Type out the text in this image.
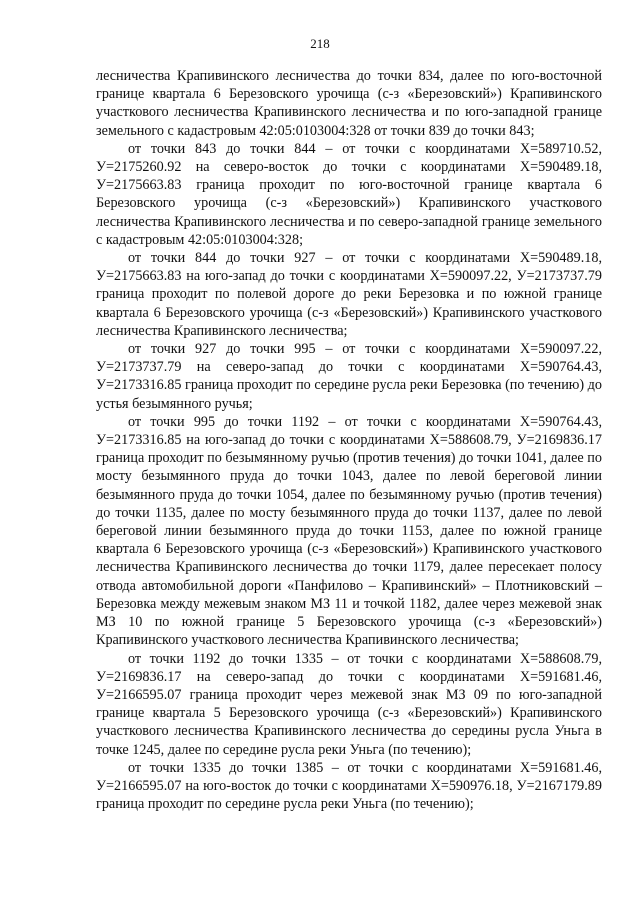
218

лесничества Крапивинского лесничества до точки 834, далее по юго-восточной границе квартала 6 Березовского урочища (с-з «Березовский») Крапивинского участкового лесничества Крапивинского лесничества и по юго-западной границе земельного с кадастровым 42:05:0103004:328 от точки 839 до точки 843;

от точки 843 до точки 844 – от точки с координатами Х=589710.52, У=2175260.92 на северо-восток до точки с координатами Х=590489.18, У=2175663.83 граница проходит по юго-восточной границе квартала 6 Березовского урочища (с-з «Березовский») Крапивинского участкового лесничества Крапивинского лесничества и по северо-западной границе земельного с кадастровым 42:05:0103004:328;

от точки 844 до точки 927 – от точки с координатами Х=590489.18, У=2175663.83 на юго-запад до точки с координатами Х=590097.22, У=2173737.79 граница проходит по полевой дороге до реки Березовка и по южной границе квартала 6 Березовского урочища (с-з «Березовский») Крапивинского участкового лесничества Крапивинского лесничества;

от точки 927 до точки 995 – от точки с координатами Х=590097.22, У=2173737.79 на северо-запад до точки с координатами Х=590764.43, У=2173316.85 граница проходит по середине русла реки Березовка (по течению) до устья безымянного ручья;

от точки 995 до точки 1192 – от точки с координатами Х=590764.43, У=2173316.85 на юго-запад до точки с координатами Х=588608.79, У=2169836.17 граница проходит по безымянному ручью (против течения) до точки 1041, далее по мосту безымянного пруда до точки 1043, далее по левой береговой линии безымянного пруда до точки 1054, далее по безымянному ручью (против течения) до точки 1135, далее по мосту безымянного пруда до точки 1137, далее по левой береговой линии безымянного пруда до точки 1153, далее по южной границе квартала 6 Березовского урочища (с-з «Березовский») Крапивинского участкового лесничества Крапивинского лесничества до точки 1179, далее пересекает полосу отвода автомобильной дороги «Панфилово – Крапивинский» – Плотниковский – Березовка между межевым знаком МЗ 11 и точкой 1182, далее через межевой знак МЗ 10 по южной границе 5 Березовского урочища (с-з «Березовский») Крапивинского участкового лесничества Крапивинского лесничества;

от точки 1192 до точки 1335 – от точки с координатами Х=588608.79, У=2169836.17 на северо-запад до точки с координатами Х=591681.46, У=2166595.07 граница проходит через межевой знак МЗ 09 по юго-западной границе квартала 5 Березовского урочища (с-з «Березовский») Крапивинского участкового лесничества Крапивинского лесничества до середины русла Уньга в точке 1245, далее по середине русла реки Уньга (по течению);

от точки 1335 до точки 1385 – от точки с координатами Х=591681.46, У=2166595.07 на юго-восток до точки с координатами Х=590976.18, У=2167179.89 граница проходит по середине русла реки Уньга (по течению);
